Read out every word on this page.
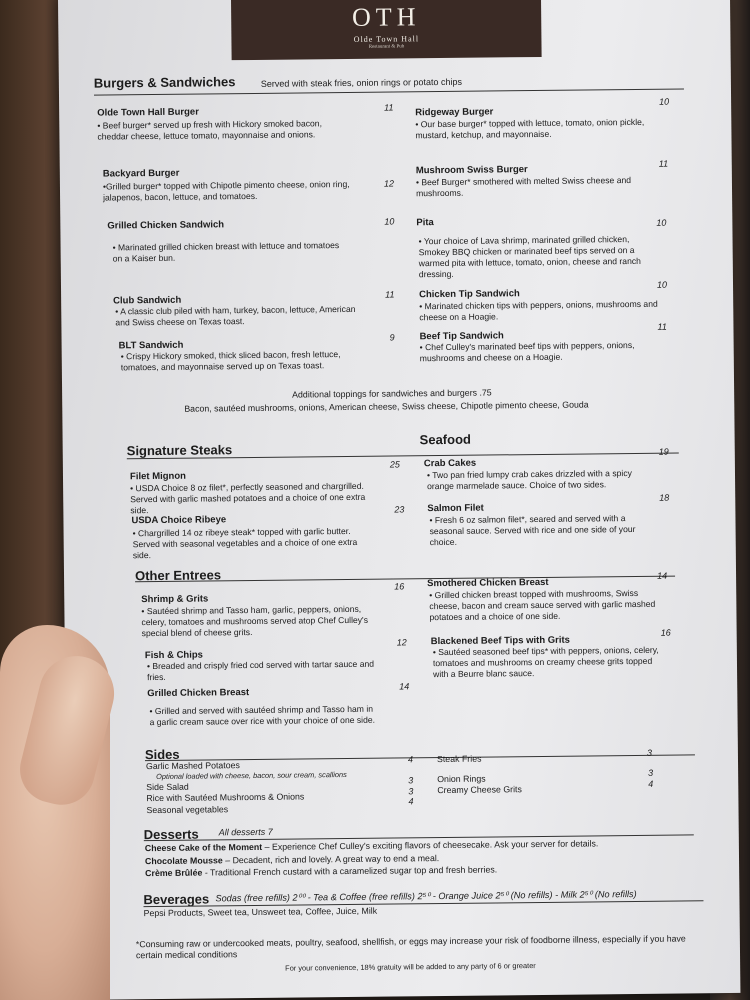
OTH
Olde Town Hall
Restaurant & Pub
Burgers & Sandwiches	Served with steak fries, onion rings or potato chips
Olde Town Hall Burger	11
• Beef burger* served up fresh with Hickory smoked bacon, cheddar cheese, lettuce tomato, mayonnaise and onions.
Backyard Burger
12
•Grilled burger* topped with Chipotle pimento cheese, onion ring, jalapenos, bacon, lettuce, and tomatoes.
Grilled Chicken Sandwich	10
• Marinated grilled chicken breast with lettuce and tomatoes on a Kaiser bun.
Club Sandwich
11
• A classic club piled with ham, turkey, bacon, lettuce, American and Swiss cheese on Texas toast.
BLT Sandwich
9
• Crispy Hickory smoked, thick sliced bacon, fresh lettuce, tomatoes, and mayonnaise served up on Texas toast.
Ridgeway Burger
10
• Our base burger* topped with lettuce, tomato, onion pickle, mustard, ketchup, and mayonnaise.
Mushroom Swiss Burger
11
• Beef Burger* smothered with melted Swiss cheese and mushrooms.
Pita	10
• Your choice of Lava shrimp, marinated grilled chicken, Smokey BBQ chicken or marinated beef tips served on a warmed pita with lettuce, tomato, onion, cheese and ranch dressing.
Chicken Tip Sandwich
10
• Marinated chicken tips with peppers, onions, mushrooms and cheese on a Hoagie.
Beef Tip Sandwich
11
• Chef Culley's marinated beef tips with peppers, onions, mushrooms and cheese on a Hoagie.
Additional toppings for sandwiches and burgers .75
Bacon, sautéed mushrooms, onions, American cheese, Swiss cheese, Chipotle pimento cheese, Gouda
Signature Steaks
Seafood
Filet Mignon
25
• USDA Choice 8 oz filet*, perfectly seasoned and chargrilled. Served with garlic mashed potatoes and a choice of one extra side.
USDA Choice Ribeye
23
• Chargrilled 14 oz ribeye steak* topped with garlic butter. Served with seasonal vegetables and a choice of one extra side.
Crab Cakes
19
• Two pan fried lumpy crab cakes drizzled with a spicy orange marmelade sauce. Choice of two sides.
Salmon Filet
18
• Fresh 6 oz salmon filet*, seared and served with a seasonal sauce. Served with rice and one side of your choice.
Other Entrees
Shrimp & Grits
16
• Sautéed shrimp and Tasso ham, garlic, peppers, onions, celery, tomatoes and mushrooms served atop Chef Culley's special blend of cheese grits.
Fish & Chips
12
• Breaded and crisply fried cod served with tartar sauce and fries.
Grilled Chicken Breast
14
• Grilled and served with sautéed shrimp and Tasso ham in a garlic cream sauce over rice with your choice of one side.
Smothered Chicken Breast
14
• Grilled chicken breast topped with mushrooms, Swiss cheese, bacon and cream sauce served with garlic mashed potatoes and a choice of one side.
Blackened Beef Tips with Grits
16
• Sautéed seasoned beef tips* with peppers, onions, celery, tomatoes and mushrooms on creamy cheese grits topped with a Beurre blanc sauce.
Sides
Garlic Mashed Potatoes
4
Optional loaded with cheese, bacon, sour cream, scallions
Side Salad
3
Rice with Sautéed Mushrooms & Onions
3
Seasonal vegetables
4
Steak Fries
3
Onion Rings
3
Creamy Cheese Grits
4
Desserts All desserts 7
Cheese Cake of the Moment – Experience Chef Culley's exciting flavors of cheesecake. Ask your server for details.
Chocolate Mousse – Decadent, rich and lovely. A great way to end a meal.
Crème Brûlée - Traditional French custard with a caramelized sugar top and fresh berries.
Beverages Sodas (free refills) 2⁰⁰ - Tea & Coffee (free refills) 2⁵⁰ - Orange Juice 2⁵⁰ (No refills) - Milk 2⁵⁰ (No refills)
Pepsi Products, Sweet tea, Unsweet tea, Coffee, Juice, Milk
*Consuming raw or undercooked meats, poultry, seafood, shellfish, or eggs may increase your risk of foodborne illness, especially if you have certain medical conditions
For your convenience, 18% gratuity will be added to any party of 6 or greater
